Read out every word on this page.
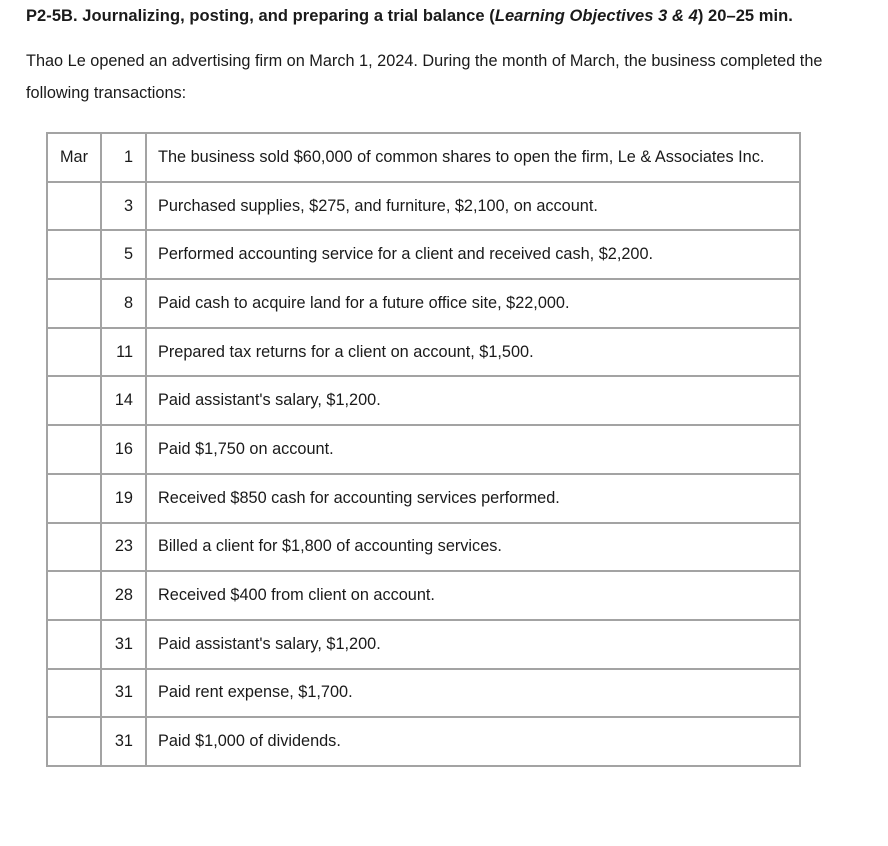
P2-5B. Journalizing, posting, and preparing a trial balance (Learning Objectives 3 & 4) 20–25 min.
Thao Le opened an advertising firm on March 1, 2024. During the month of March, the business completed the following transactions:
Mar	1	The business sold $60,000 of common shares to open the firm, Le & Associates Inc.
	3	Purchased supplies, $275, and furniture, $2,100, on account.
	5	Performed accounting service for a client and received cash, $2,200.
	8	Paid cash to acquire land for a future office site, $22,000.
	11	Prepared tax returns for a client on account, $1,500.
	14	Paid assistant's salary, $1,200.
	16	Paid $1,750 on account.
	19	Received $850 cash for accounting services performed.
	23	Billed a client for $1,800 of accounting services.
	28	Received $400 from client on account.
	31	Paid assistant's salary, $1,200.
	31	Paid rent expense, $1,700.
	31	Paid $1,000 of dividends.
